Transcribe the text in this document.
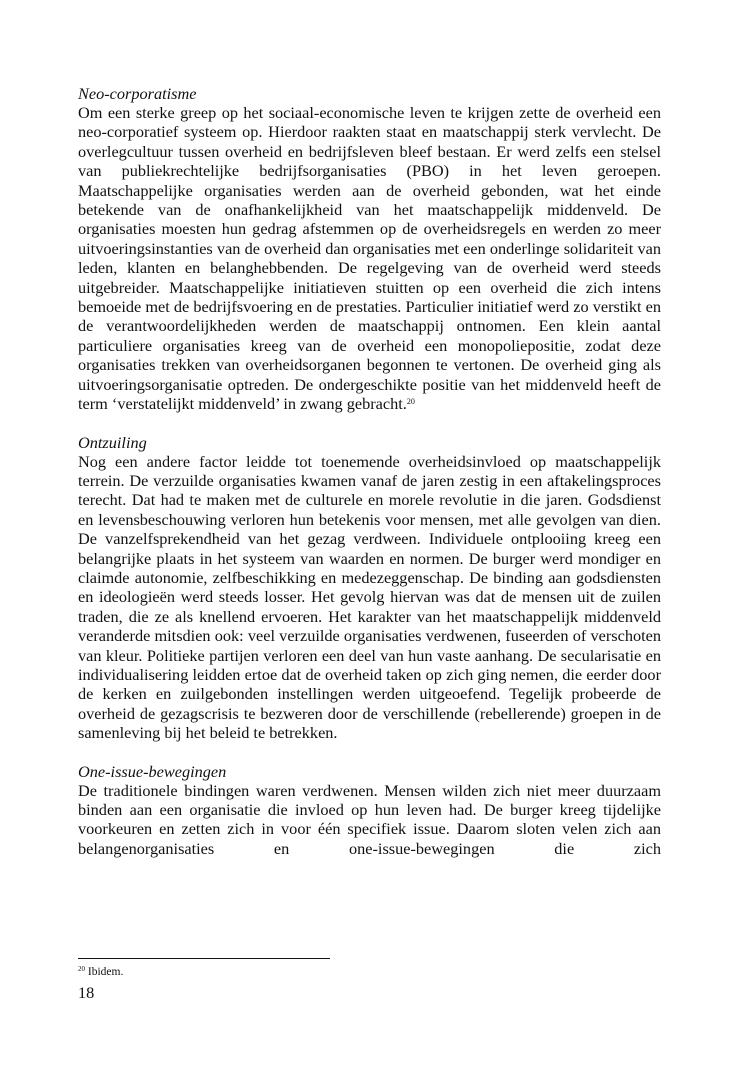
Neo-corporatisme

Om een sterke greep op het sociaal-economische leven te krijgen zette de overheid een neo-corporatief systeem op. Hierdoor raakten staat en maatschappij sterk vervlecht. De overlegcultuur tussen overheid en bedrijfsleven bleef bestaan. Er werd zelfs een stelsel van publiekrechtelijke bedrijfsorganisaties (PBO) in het leven geroepen. Maatschappelijke organisaties werden aan de overheid gebonden, wat het einde betekende van de onafhankelijkheid van het maatschappelijk middenveld. De organisaties moesten hun gedrag afstemmen op de overheidsregels en werden zo meer uitvoeringsinstanties van de overheid dan organisaties met een onderlinge solidariteit van leden, klanten en belanghebbenden. De regelgeving van de overheid werd steeds uitgebreider. Maatschappelijke initiatieven stuitten op een overheid die zich intens bemoeide met de bedrijfsvoering en de prestaties. Particulier initiatief werd zo verstikt en de verantwoordelijkheden werden de maatschappij ontnomen. Een klein aantal particuliere organisaties kreeg van de overheid een monopoliepositie, zodat deze organisaties trekken van overheidsorganen begonnen te vertonen. De overheid ging als uitvoeringsorganisatie optreden. De ondergeschikte positie van het middenveld heeft de term ‘verstatelijkt middenveld’ in zwang gebracht.$^{20}$

Ontzuiling

Nog een andere factor leidde tot toenemende overheidsinvloed op maatschappelijk terrein. De verzuilde organisaties kwamen vanaf de jaren zestig in een aftakelingsproces terecht. Dat had te maken met de culturele en morele revolutie in die jaren. Godsdienst en levensbeschouwing verloren hun betekenis voor mensen, met alle gevolgen van dien. De vanzelfsprekendheid van het gezag verdween. Individuele ontplooiing kreeg een belangrijke plaats in het systeem van waarden en normen. De burger werd mondiger en claimde autonomie, zelfbeschikking en medezeggenschap. De binding aan godsdiensten en ideologieën werd steeds losser. Het gevolg hiervan was dat de mensen uit de zuilen traden, die ze als knellend ervoeren. Het karakter van het maatschappelijk middenveld veranderde mitsdien ook: veel verzuilde organisaties verdwenen, fuseerden of verschoten van kleur. Politieke partijen verloren een deel van hun vaste aanhang. De secularisatie en individualisering leidden ertoe dat de overheid taken op zich ging nemen, die eerder door de kerken en zuilgebonden instellingen werden uitgeoefend. Tegelijk probeerde de overheid de gezagscrisis te bezweren door de verschillende (rebellerende) groepen in de samenleving bij het beleid te betrekken.

One-issue-bewegingen

De traditionele bindingen waren verdwenen. Mensen wilden zich niet meer duurzaam binden aan een organisatie die invloed op hun leven had. De burger kreeg tijdelijke voorkeuren en zetten zich in voor één specifiek issue. Daarom sloten velen zich aan belangenorganisaties en one-issue-bewegingen die zich

$^{20}$ Ibidem.
18
